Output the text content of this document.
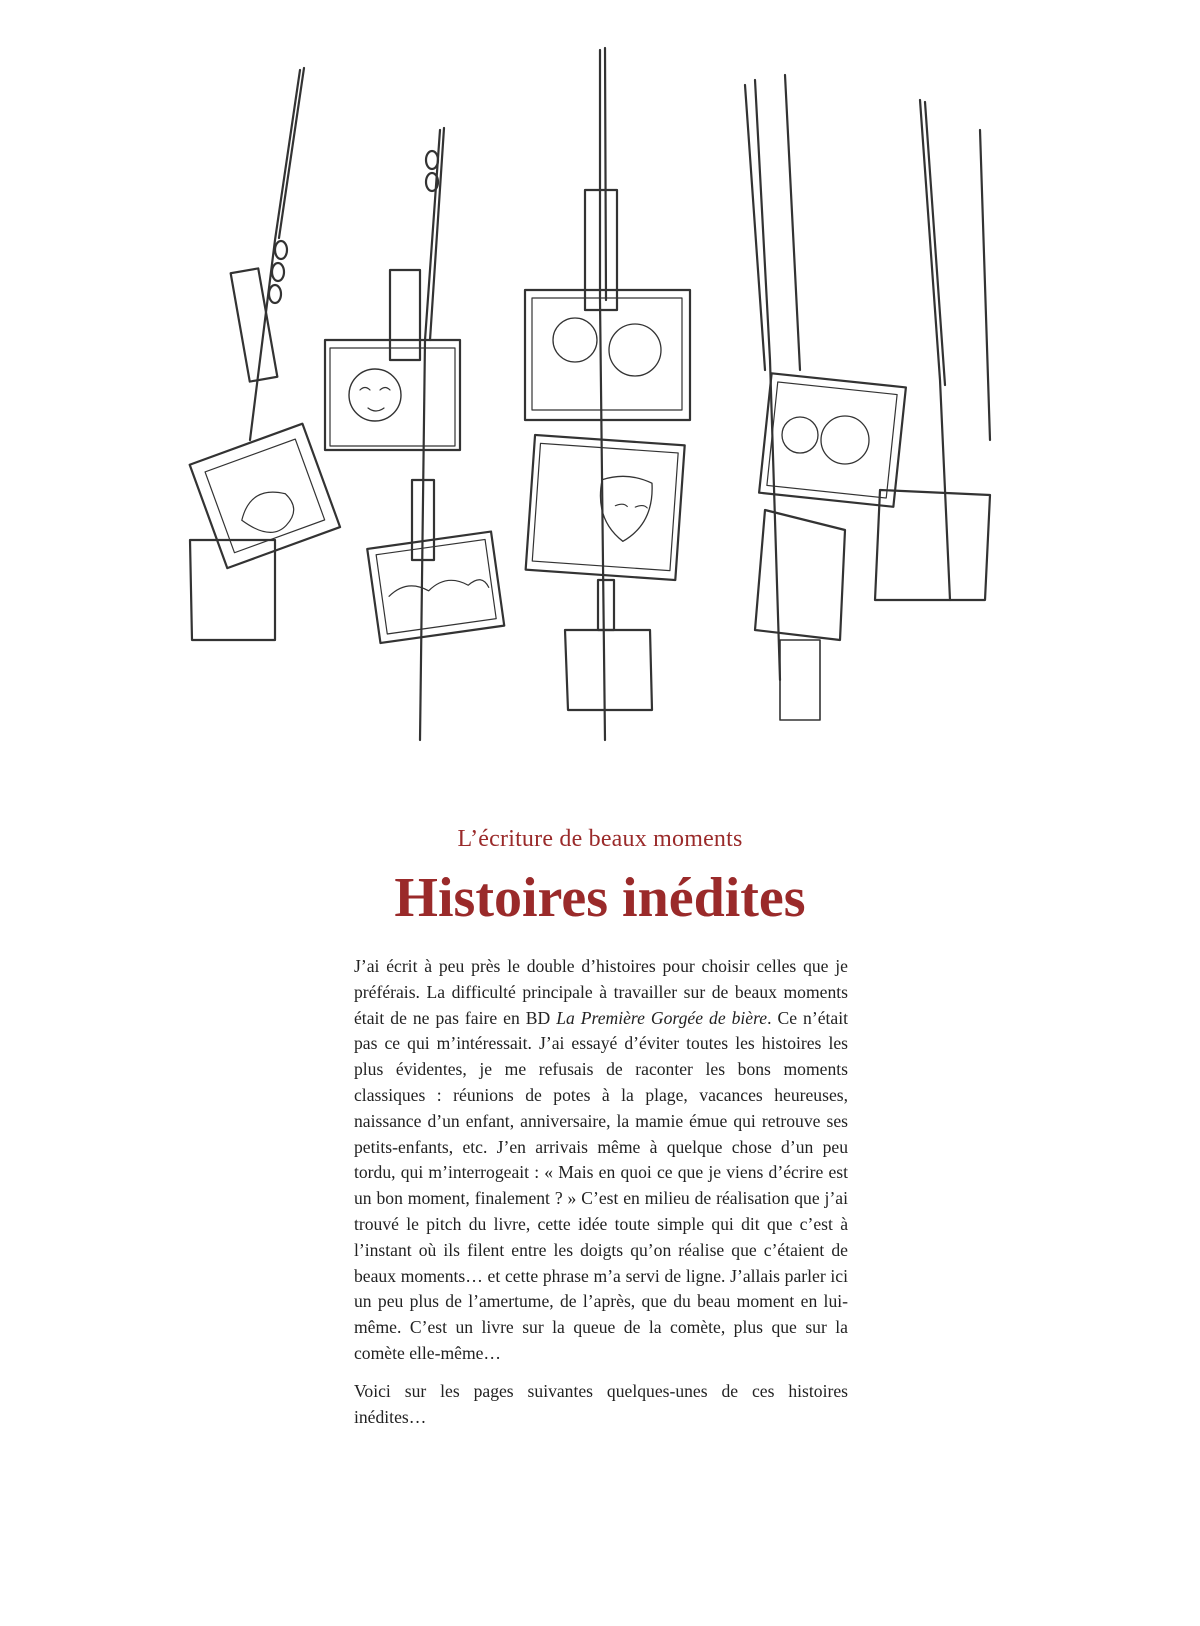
L’écriture de beaux moments
Histoires inédites

J’ai écrit à peu près le double d’histoires pour choisir celles que je préférais. La difficulté principale à travailler sur de beaux moments était de ne pas faire en BD La Première Gorgée de bière. Ce n’était pas ce qui m’intéressait. J’ai essayé d’éviter toutes les histoires les plus évidentes, je me refusais de raconter les bons moments classiques : réunions de potes à la plage, vacances heureuses, naissance d’un enfant, anniversaire, la mamie émue qui retrouve ses petits-enfants, etc. J’en arrivais même à quelque chose d’un peu tordu, qui m’interrogeait : « Mais en quoi ce que je viens d’écrire est un bon moment, finalement ? » C’est en milieu de réalisation que j’ai trouvé le pitch du livre, cette idée toute simple qui dit que c’est à l’instant où ils filent entre les doigts qu’on réalise que c’étaient de beaux moments… et cette phrase m’a servi de ligne. J’allais parler ici un peu plus de l’amertume, de l’après, que du beau moment en lui-même. C’est un livre sur la queue de la comète, plus que sur la comète elle-même…

Voici sur les pages suivantes quelques-unes de ces histoires inédites…
